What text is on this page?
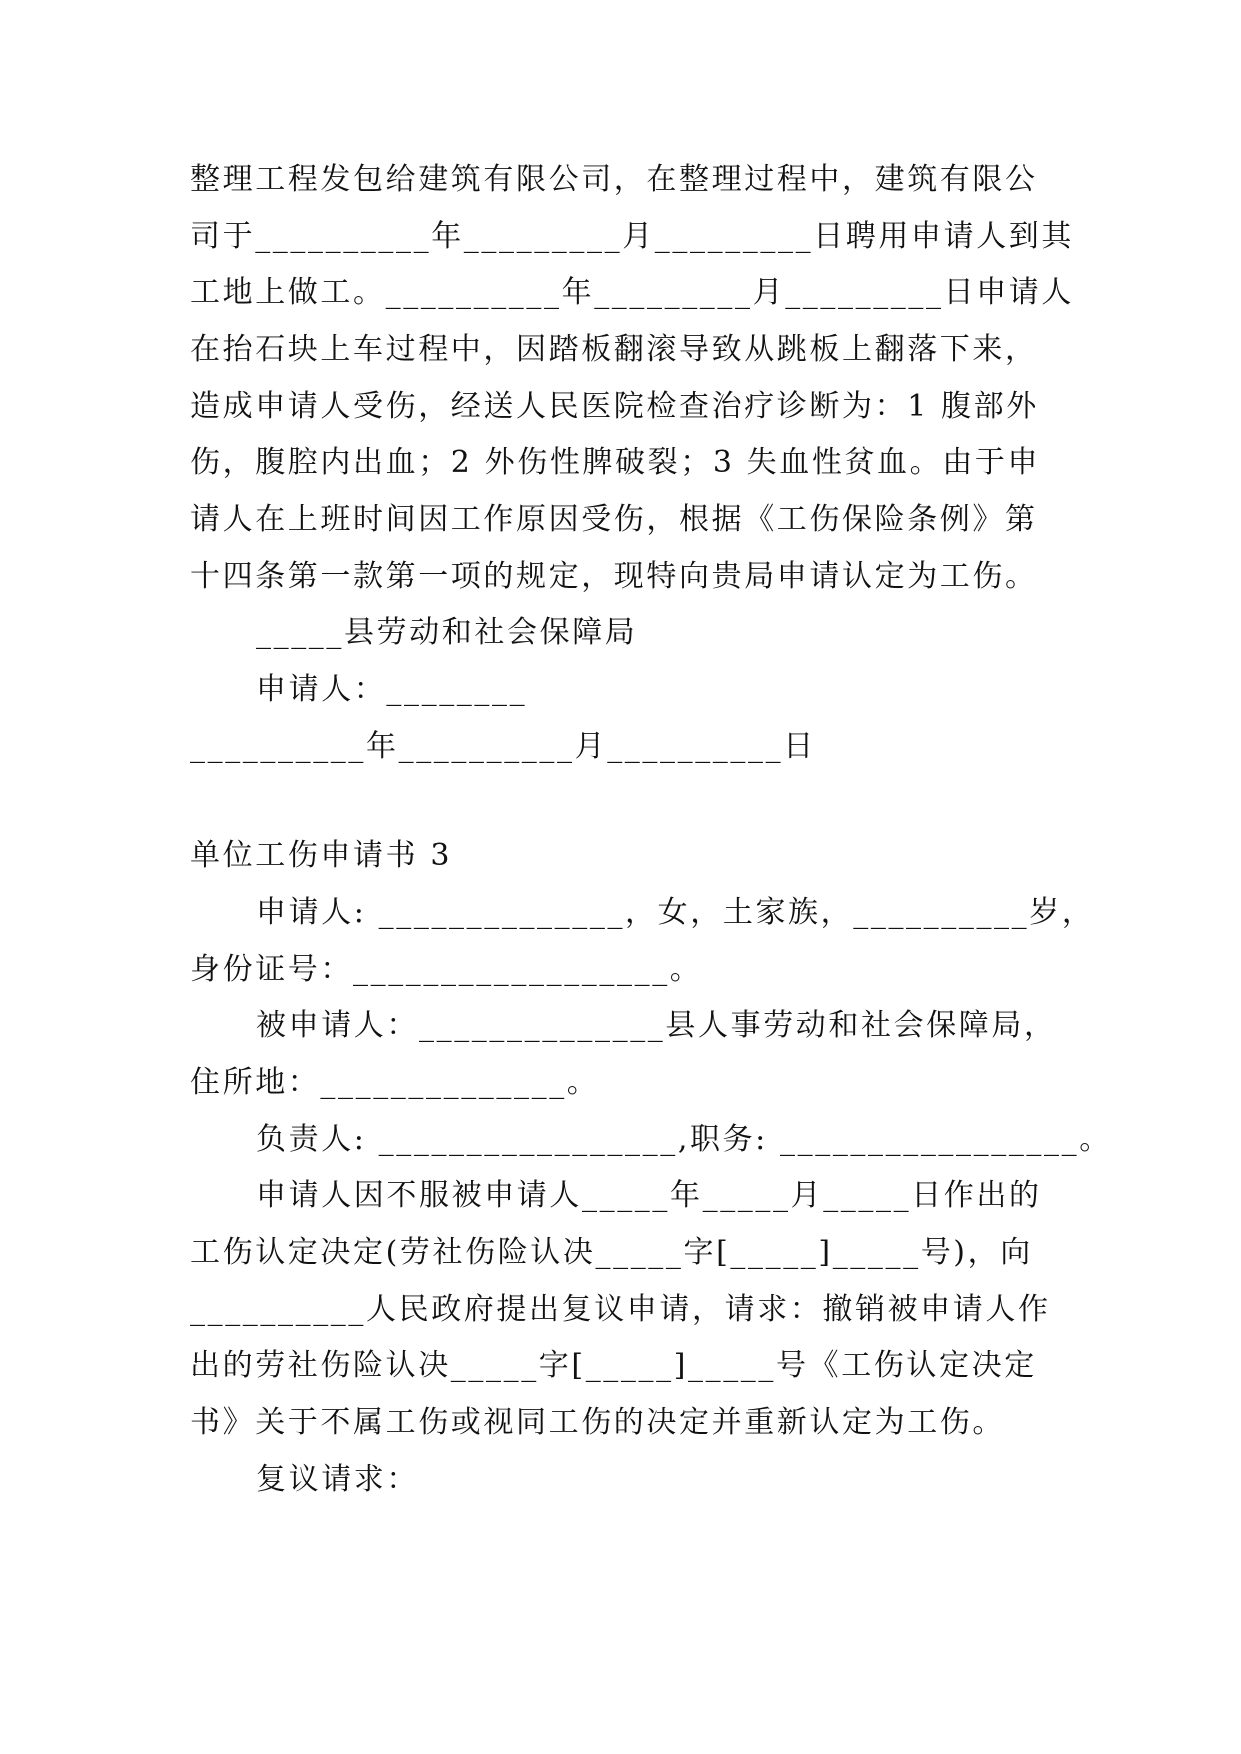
整理工程发包给建筑有限公司，在整理过程中，建筑有限公
司于__________年_________月_________日聘用申请人到其
工地上做工。__________年_________月_________日申请人
在抬石块上车过程中，因踏板翻滚导致从跳板上翻落下来，
造成申请人受伤，经送人民医院检查治疗诊断为：1 腹部外
伤，腹腔内出血；2 外伤性脾破裂；3 失血性贫血。由于申
请人在上班时间因工作原因受伤，根据《工伤保险条例》第
十四条第一款第一项的规定，现特向贵局申请认定为工伤。
_____县劳动和社会保障局
申请人：________
__________年__________月__________日
单位工伤申请书 3
申请人: ______________，女，土家族，__________岁，
身份证号：__________________。
被申请人：______________县人事劳动和社会保障局，
住所地：______________。
负责人: _________________,职务: _________________。
申请人因不服被申请人_____年_____月_____日作出的
工伤认定决定(劳社伤险认决_____字[_____]_____号)，向
__________人民政府提出复议申请，请求：撤销被申请人作
出的劳社伤险认决_____字[_____]_____号《工伤认定决定
书》关于不属工伤或视同工伤的决定并重新认定为工伤。
复议请求：
